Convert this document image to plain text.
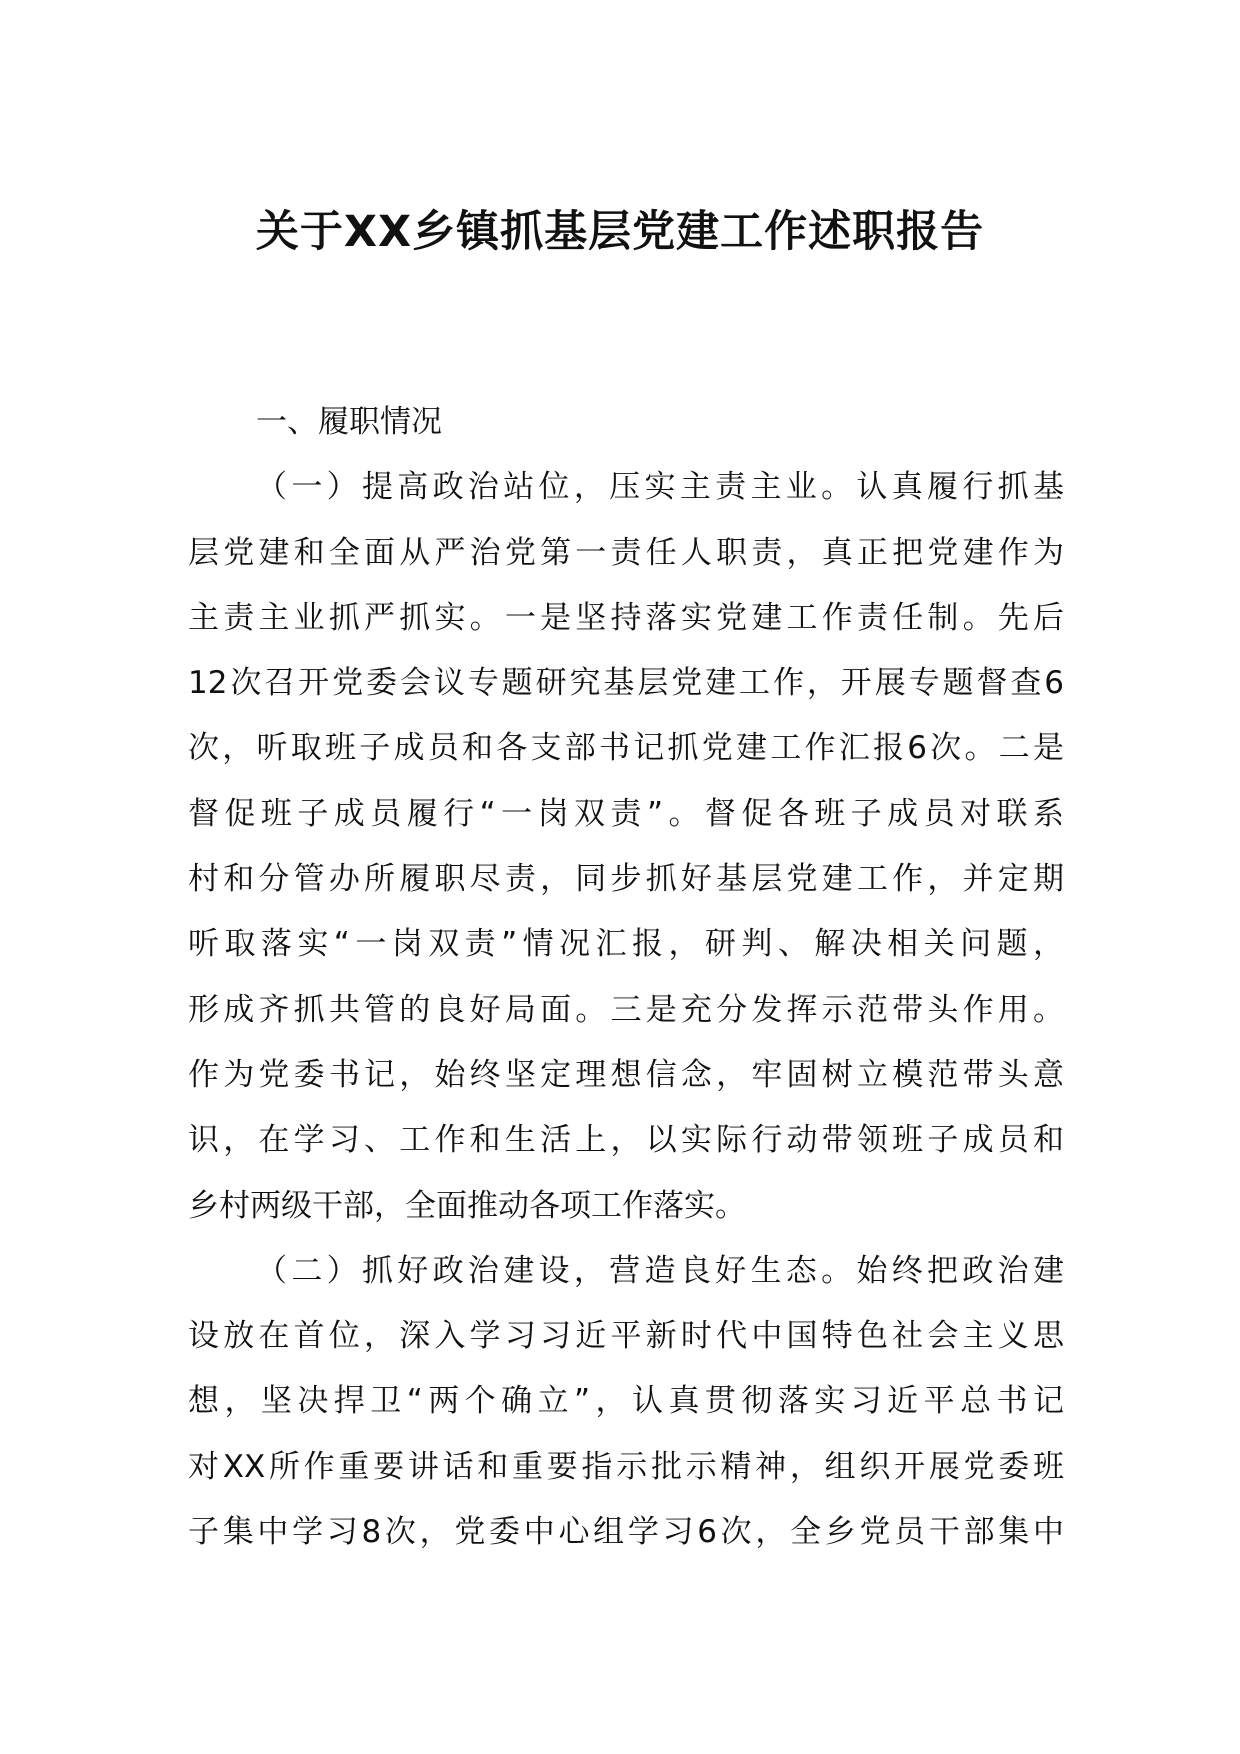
关于XX乡镇抓基层党建工作述职报告
一、履职情况
（一）提高政治站位，压实主责主业。认真履行抓基
层党建和全面从严治党第一责任人职责，真正把党建作为
主责主业抓严抓实。一是坚持落实党建工作责任制。先后
12次召开党委会议专题研究基层党建工作，开展专题督查6
次，听取班子成员和各支部书记抓党建工作汇报6次。二是
督促班子成员履行“一岗双责”。督促各班子成员对联系
村和分管办所履职尽责，同步抓好基层党建工作，并定期
听取落实“一岗双责”情况汇报，研判、解决相关问题，
形成齐抓共管的良好局面。三是充分发挥示范带头作用。
作为党委书记，始终坚定理想信念，牢固树立模范带头意
识，在学习、工作和生活上，以实际行动带领班子成员和
乡村两级干部，全面推动各项工作落实。
（二）抓好政治建设，营造良好生态。始终把政治建
设放在首位，深入学习习近平新时代中国特色社会主义思
想，坚决捍卫“两个确立”，认真贯彻落实习近平总书记
对XX所作重要讲话和重要指示批示精神，组织开展党委班
子集中学习8次，党委中心组学习6次，全乡党员干部集中
